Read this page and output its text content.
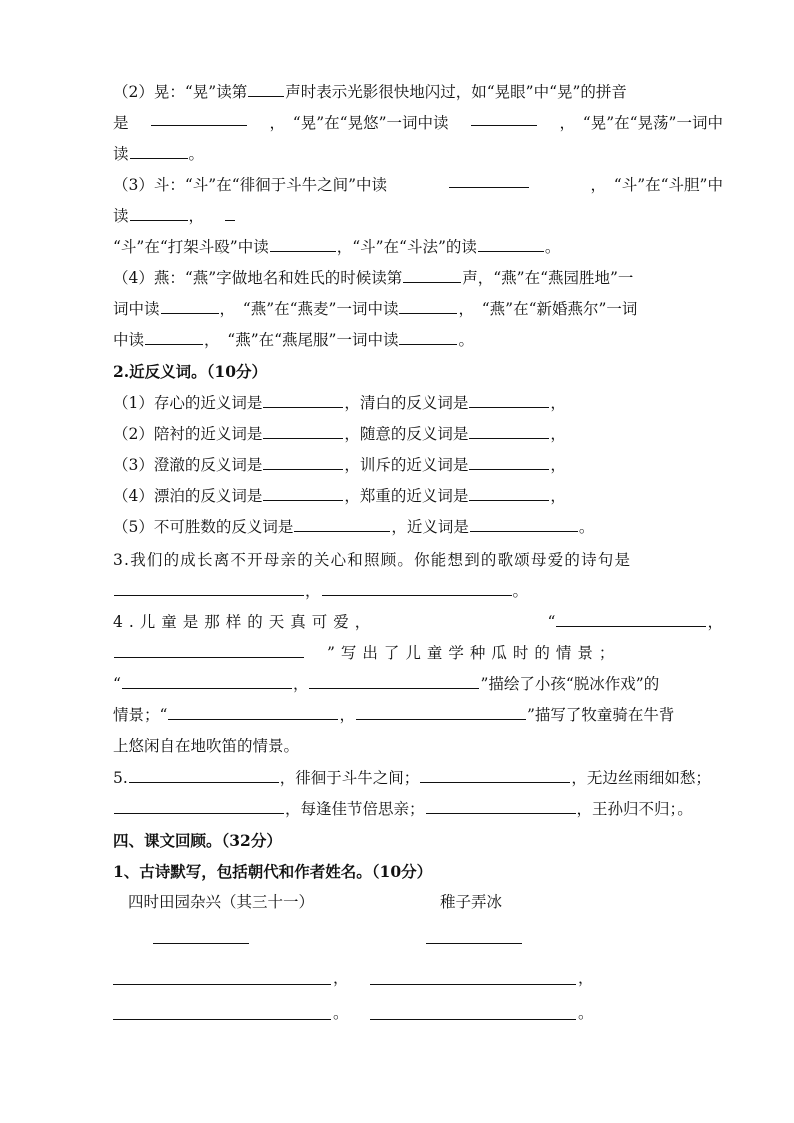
（2）晃：“晃”读第 声时表示光影很快地闪过，如“晃眼”中“晃”的拼音
是	，　“晃”在“晃悠”一词中读	，　“晃”在“晃荡”一词中
读	。
（3）斗：“斗”在“徘徊于斗牛之间”中读	，　“斗”在“斗胆”中
读	，
“斗”在“打架斗殴”中读	，“斗”在“斗法”的读	。
（4）燕：“燕”字做地名和姓氏的时候读第	声，“燕”在“燕园胜地”一
词中读	，　“燕”在“燕麦”一词中读	，　“燕”在“新婚燕尔”一词
中读	，　“燕”在“燕尾服”一词中读	。
2.近反义词。（10分）
（1）存心的近义词是	，清白的反义词是	，
（2）陪衬的近义词是	，随意的反义词是	，
（3）澄澈的反义词是	，训斥的近义词是	，
（4）漂泊的反义词是	，郑重的近义词是	，
（5）不可胜数的反义词是	，近义词是	。
3.我们的成长离不开母亲的关心和照顾。你能想到的歌颂母爱的诗句是
，	。
4.儿童是那样的天真可爱，	“	，
”写出了儿童学种瓜时的情景；
“	，	”描绘了小孩“脱冰作戏”的
情景；“	，	”描写了牧童骑在牛背
上悠闲自在地吹笛的情景。
5.	，徘徊于斗牛之间；	，无边丝雨细如愁；
，每逢佳节倍思亲；	，王孙归不归；。
四、课文回顾。（32分）
1、古诗默写，包括朝代和作者姓名。（10分）
四时田园杂兴（其三十一）	稚子弄冰
，	，
。	。
